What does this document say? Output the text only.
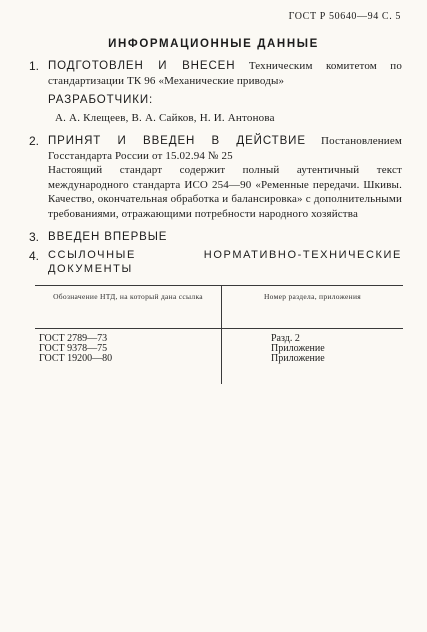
ГОСТ Р 50640—94 С. 5
ИНФОРМАЦИОННЫЕ ДАННЫЕ
1. ПОДГОТОВЛЕН И ВНЕСЕН Техническим комитетом по стандартизации ТК 96 «Механические приводы»
РАЗРАБОТЧИКИ:
А. А. Клещеев, В. А. Сайков, Н. И. Антонова
2. ПРИНЯТ И ВВЕДЕН В ДЕЙСТВИЕ Постановлением Госстандарта России от 15.02.94 № 25
Настоящий стандарт содержит полный аутентичный текст международного стандарта ИСО 254—90 «Ременные передачи. Шкивы. Качество, окончательная обработка и балансировка» с дополнительными требованиями, отражающими потребности народного хозяйства
3. ВВЕДЕН ВПЕРВЫЕ
4. ССЫЛОЧНЫЕ НОРМАТИВНО-ТЕХНИЧЕСКИЕ ДОКУМЕНТЫ
Обозначение НТД, на который дана ссылка	Номер раздела, приложения
ГОСТ 2789—73
ГОСТ 9378—75
ГОСТ 19200—80
Разд. 2
Приложение
Приложение
